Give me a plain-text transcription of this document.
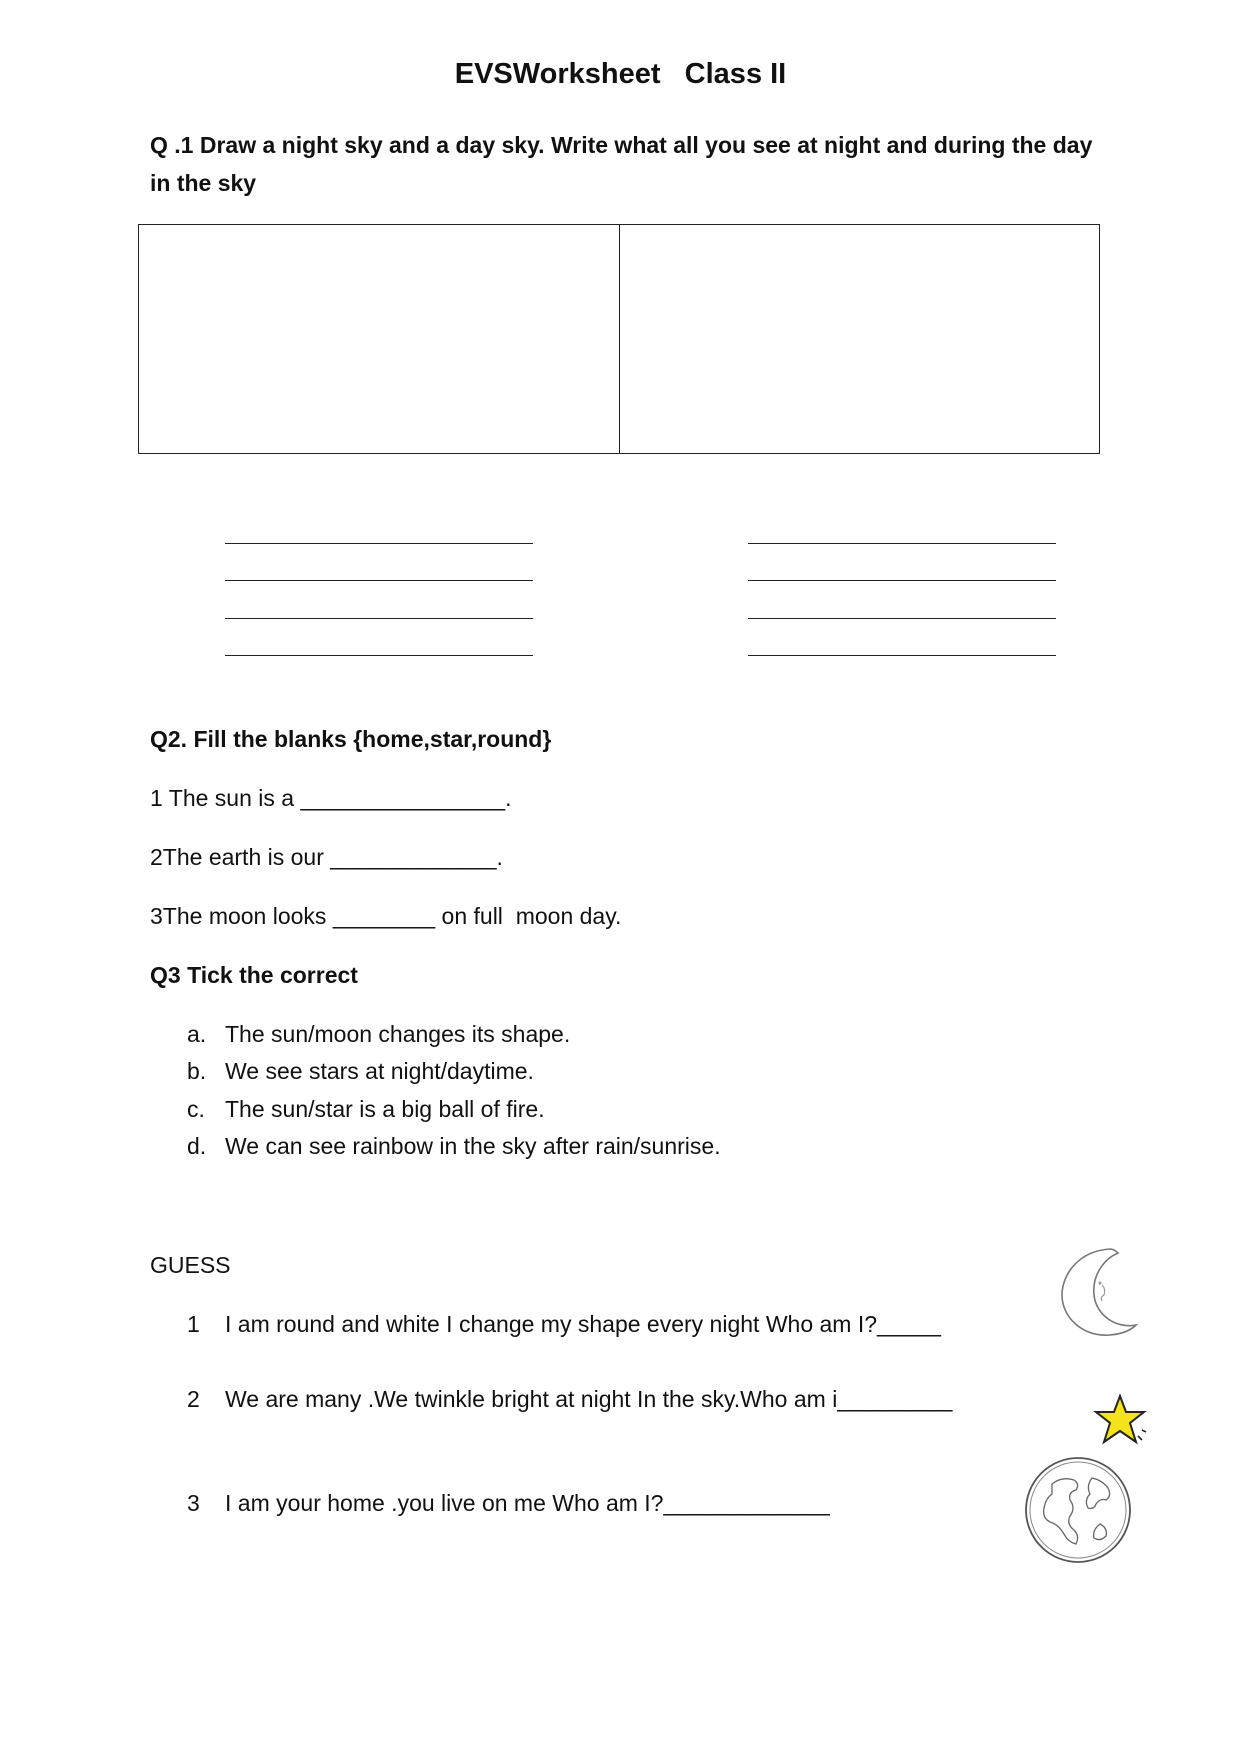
EVSWorksheet   Class II
Q .1 Draw a night sky and a day sky. Write what all you see at night and during the day in the sky
Q2. Fill the blanks {home,star,round}
1 The sun is a ________________.
2The earth is our _____________.
3The moon looks ________ on full  moon day.
Q3 Tick the correct
a. The sun/moon changes its shape.
b. We see stars at night/daytime.
c. The sun/star is a big ball of fire.
d. We can see rainbow in the sky after rain/sunrise.
GUESS
1 I am round and white I change my shape every night Who am I?_____
2 We are many .We twinkle bright at night In the sky.Who am i_________
3 I am your home .you live on me Who am I?_____________
